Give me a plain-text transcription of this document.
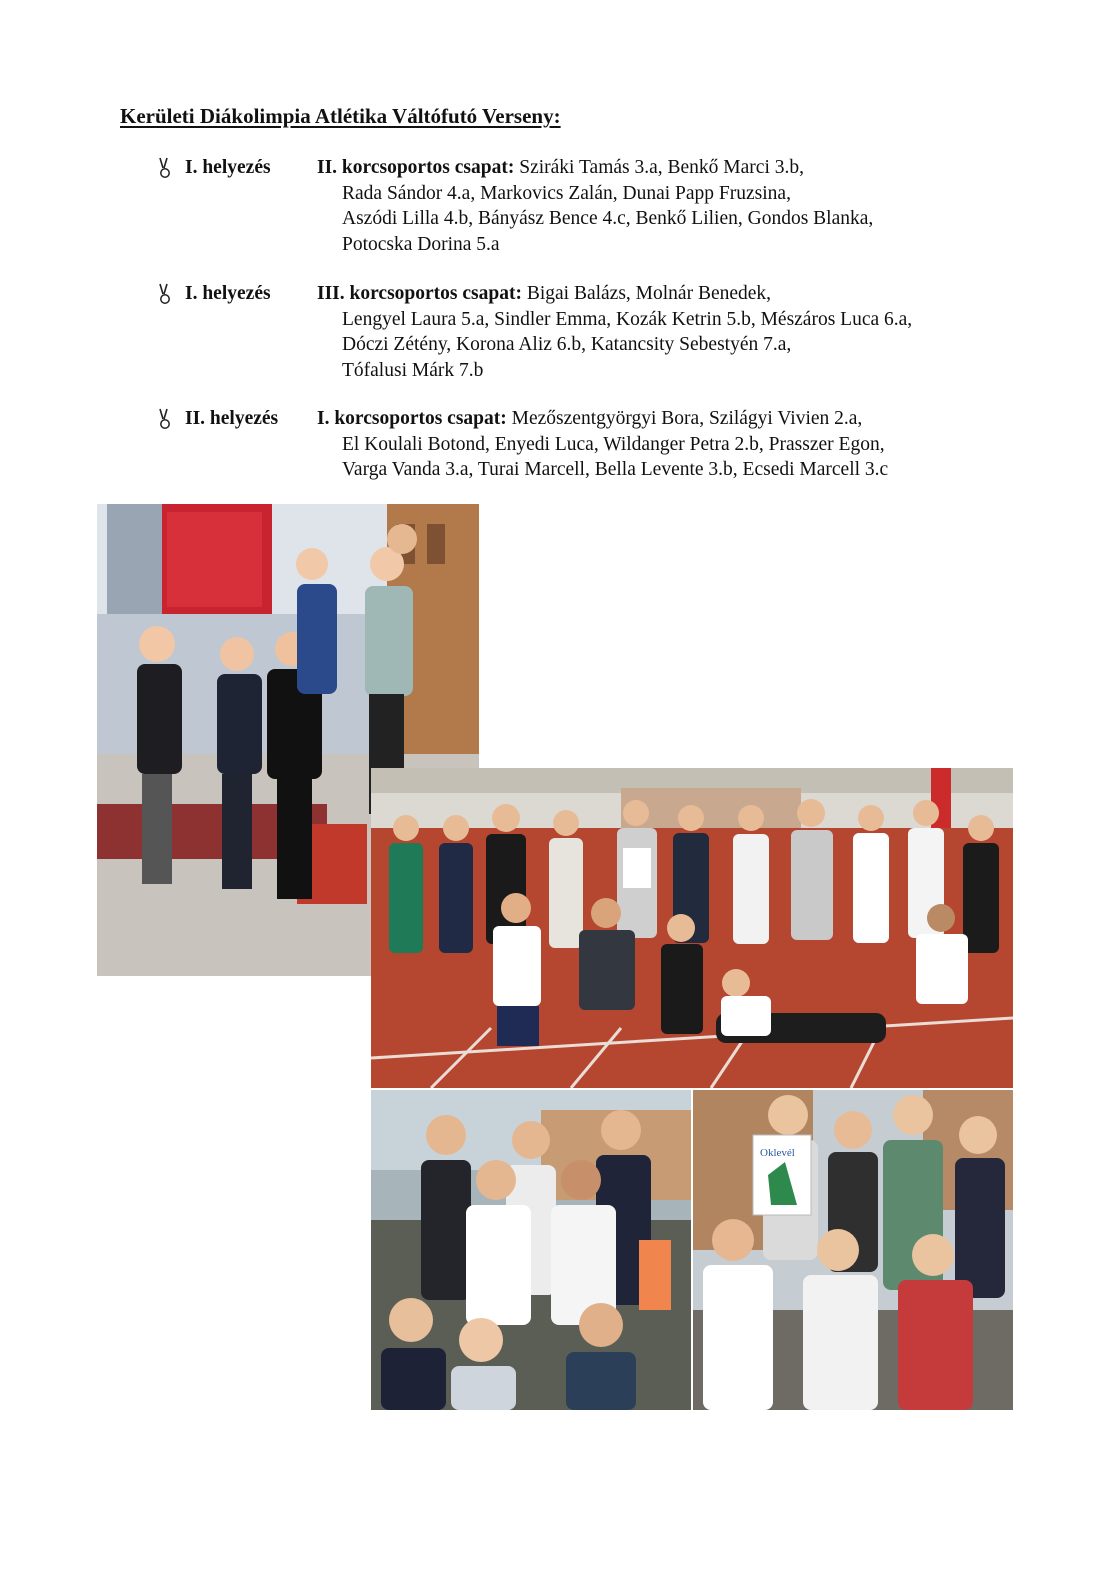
Kerületi Diákolimpia Atlétika Váltófutó Verseny:
I. helyezés II. korcsoportos csapat: Sziráki Tamás 3.a, Benkő Marci 3.b,
Rada Sándor 4.a, Markovics Zalán, Dunai Papp Fruzsina,
Aszódi Lilla 4.b, Bányász Bence 4.c, Benkő Lilien, Gondos Blanka,
Potocska Dorina 5.a
I. helyezés III. korcsoportos csapat: Bigai Balázs, Molnár Benedek,
Lengyel Laura 5.a, Sindler Emma, Kozák Ketrin 5.b, Mészáros Luca 6.a,
Dóczi Zétény, Korona Aliz 6.b, Katancsity Sebestyén 7.a,
Tófalusi Márk 7.b
II. helyezés I. korcsoportos csapat: Mezőszentgyörgyi Bora, Szilágyi Vivien 2.a,
El Koulali Botond, Enyedi Luca, Wildanger Petra 2.b, Prasszer Egon,
Varga Vanda 3.a, Turai Marcell, Bella Levente 3.b, Ecsedi Marcell 3.c
Oklevél
